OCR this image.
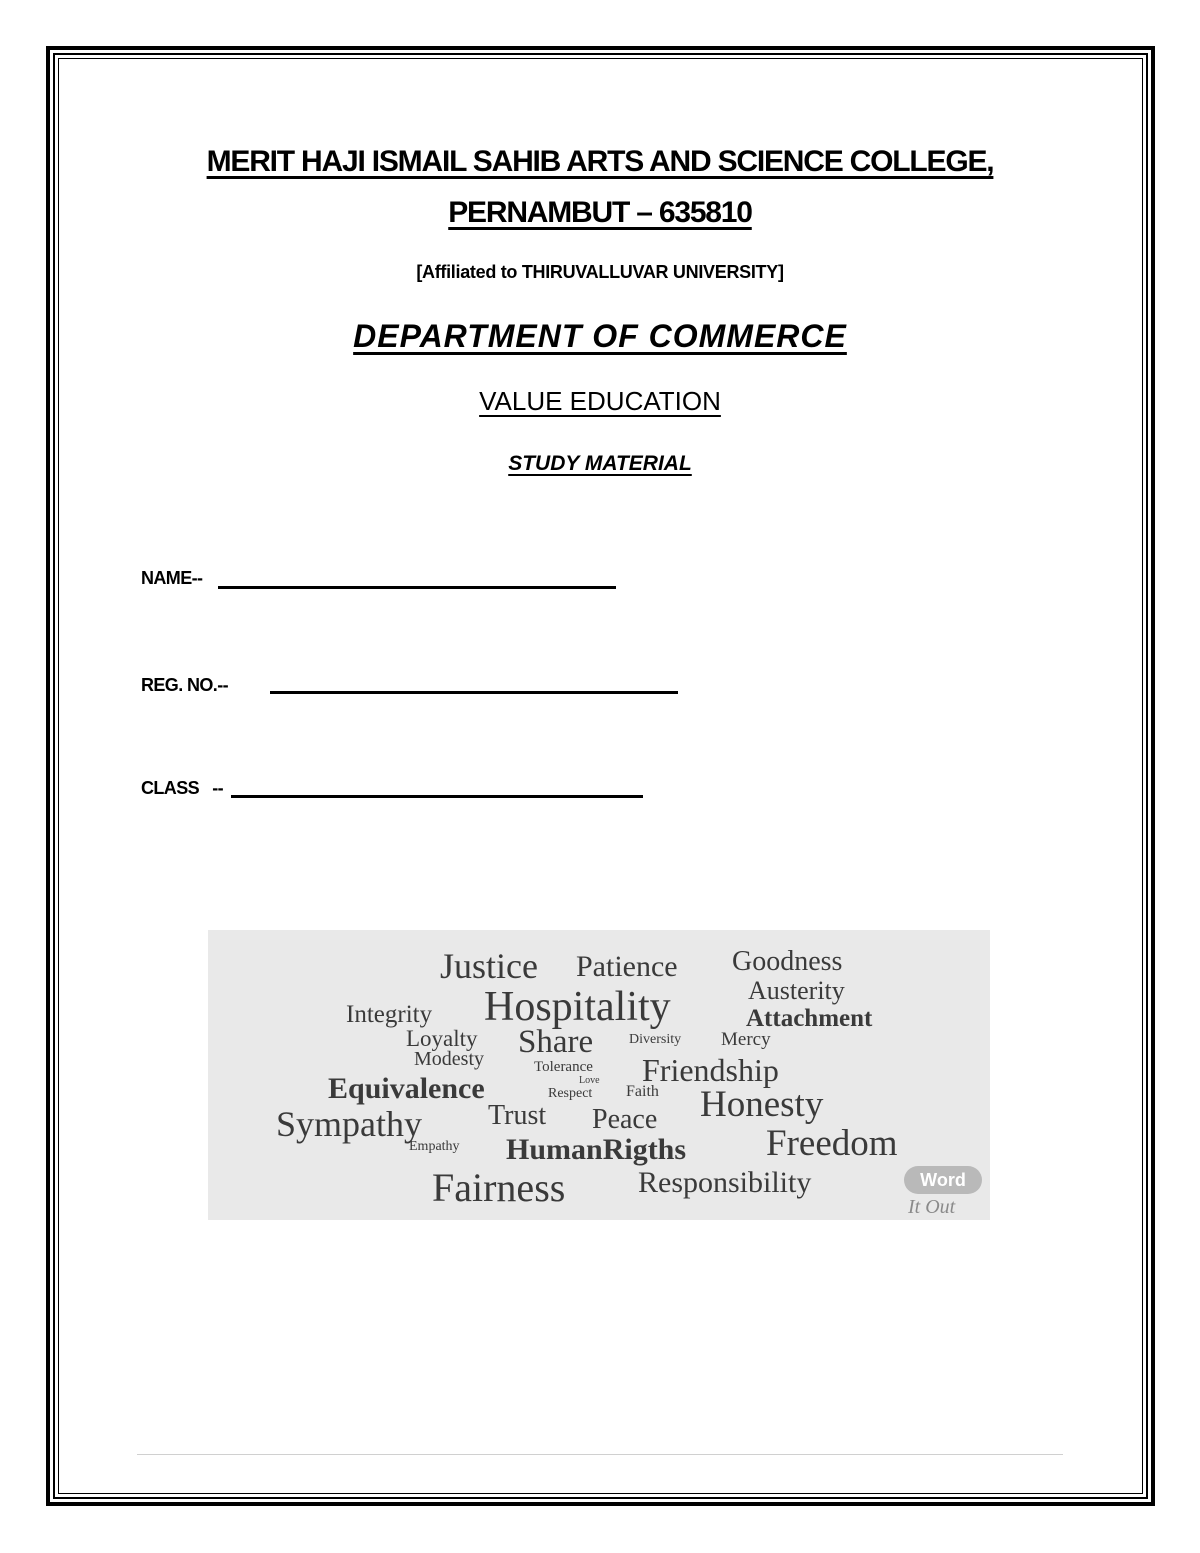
MERIT HAJI ISMAIL SAHIB ARTS AND SCIENCE COLLEGE,
PERNAMBUT – 635810
[Affiliated to THIRUVALLUVAR UNIVERSITY]
DEPARTMENT OF COMMERCE
VALUE EDUCATION
STUDY MATERIAL
NAME--
REG. NO.--
CLASS   --
Justice Patience Goodness
Austerity
Integrity Hospitality	Attachment
Loyalty Share	Diversity Mercy
Modesty	Tolerance
Love Friendship
Equivalence	Respect Faith
Sympathy Trust Peace Honesty
Empathy HumanRigths Freedom
Fairness Responsibility	Word
It Out
